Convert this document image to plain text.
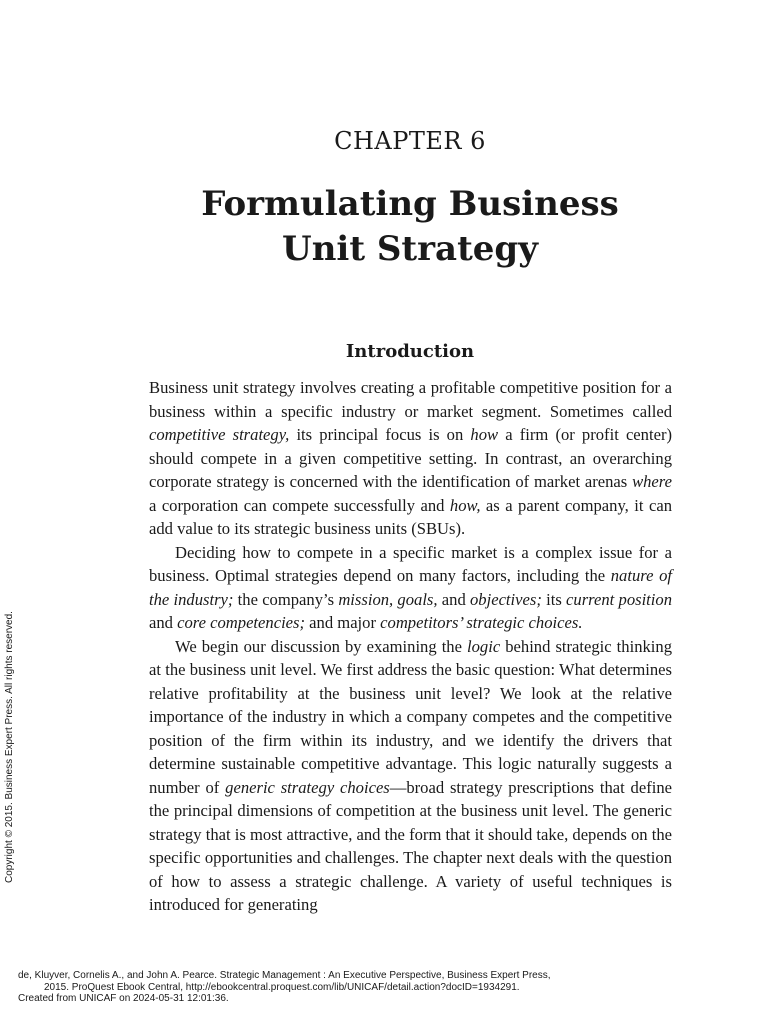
CHAPTER 6
Formulating Business
Unit Strategy
Introduction

Business unit strategy involves creating a profitable competitive position for a business within a specific industry or market segment. Sometimes called competitive strategy, its principal focus is on how a firm (or profit center) should compete in a given competitive setting. In contrast, an overarching corporate strategy is concerned with the identification of market arenas where a corporation can compete successfully and how, as a parent company, it can add value to its strategic business units (SBUs).

Deciding how to compete in a specific market is a complex issue for a business. Optimal strategies depend on many factors, including the nature of the industry; the company’s mission, goals, and objectives; its current position and core competencies; and major competitors’ strategic choices.

We begin our discussion by examining the logic behind strategic thinking at the business unit level. We first address the basic question: What determines relative profitability at the business unit level? We look at the relative importance of the industry in which a company competes and the competitive position of the firm within its industry, and we identify the drivers that determine sustainable competitive advantage. This logic naturally suggests a number of generic strategy choices—broad strategy prescriptions that define the principal dimensions of competition at the business unit level. The generic strategy that is most attractive, and the form that it should take, depends on the specific opportunities and challenges. The chapter next deals with the question of how to assess a strategic challenge. A variety of useful techniques is introduced for generating

Copyright © 2015. Business Expert Press. All rights reserved.
de, Kluyver, Cornelis A., and John A. Pearce. Strategic Management : An Executive Perspective, Business Expert Press,
2015. ProQuest Ebook Central, http://ebookcentral.proquest.com/lib/UNICAF/detail.action?docID=1934291.
Created from UNICAF on 2024-05-31 12:01:36.
